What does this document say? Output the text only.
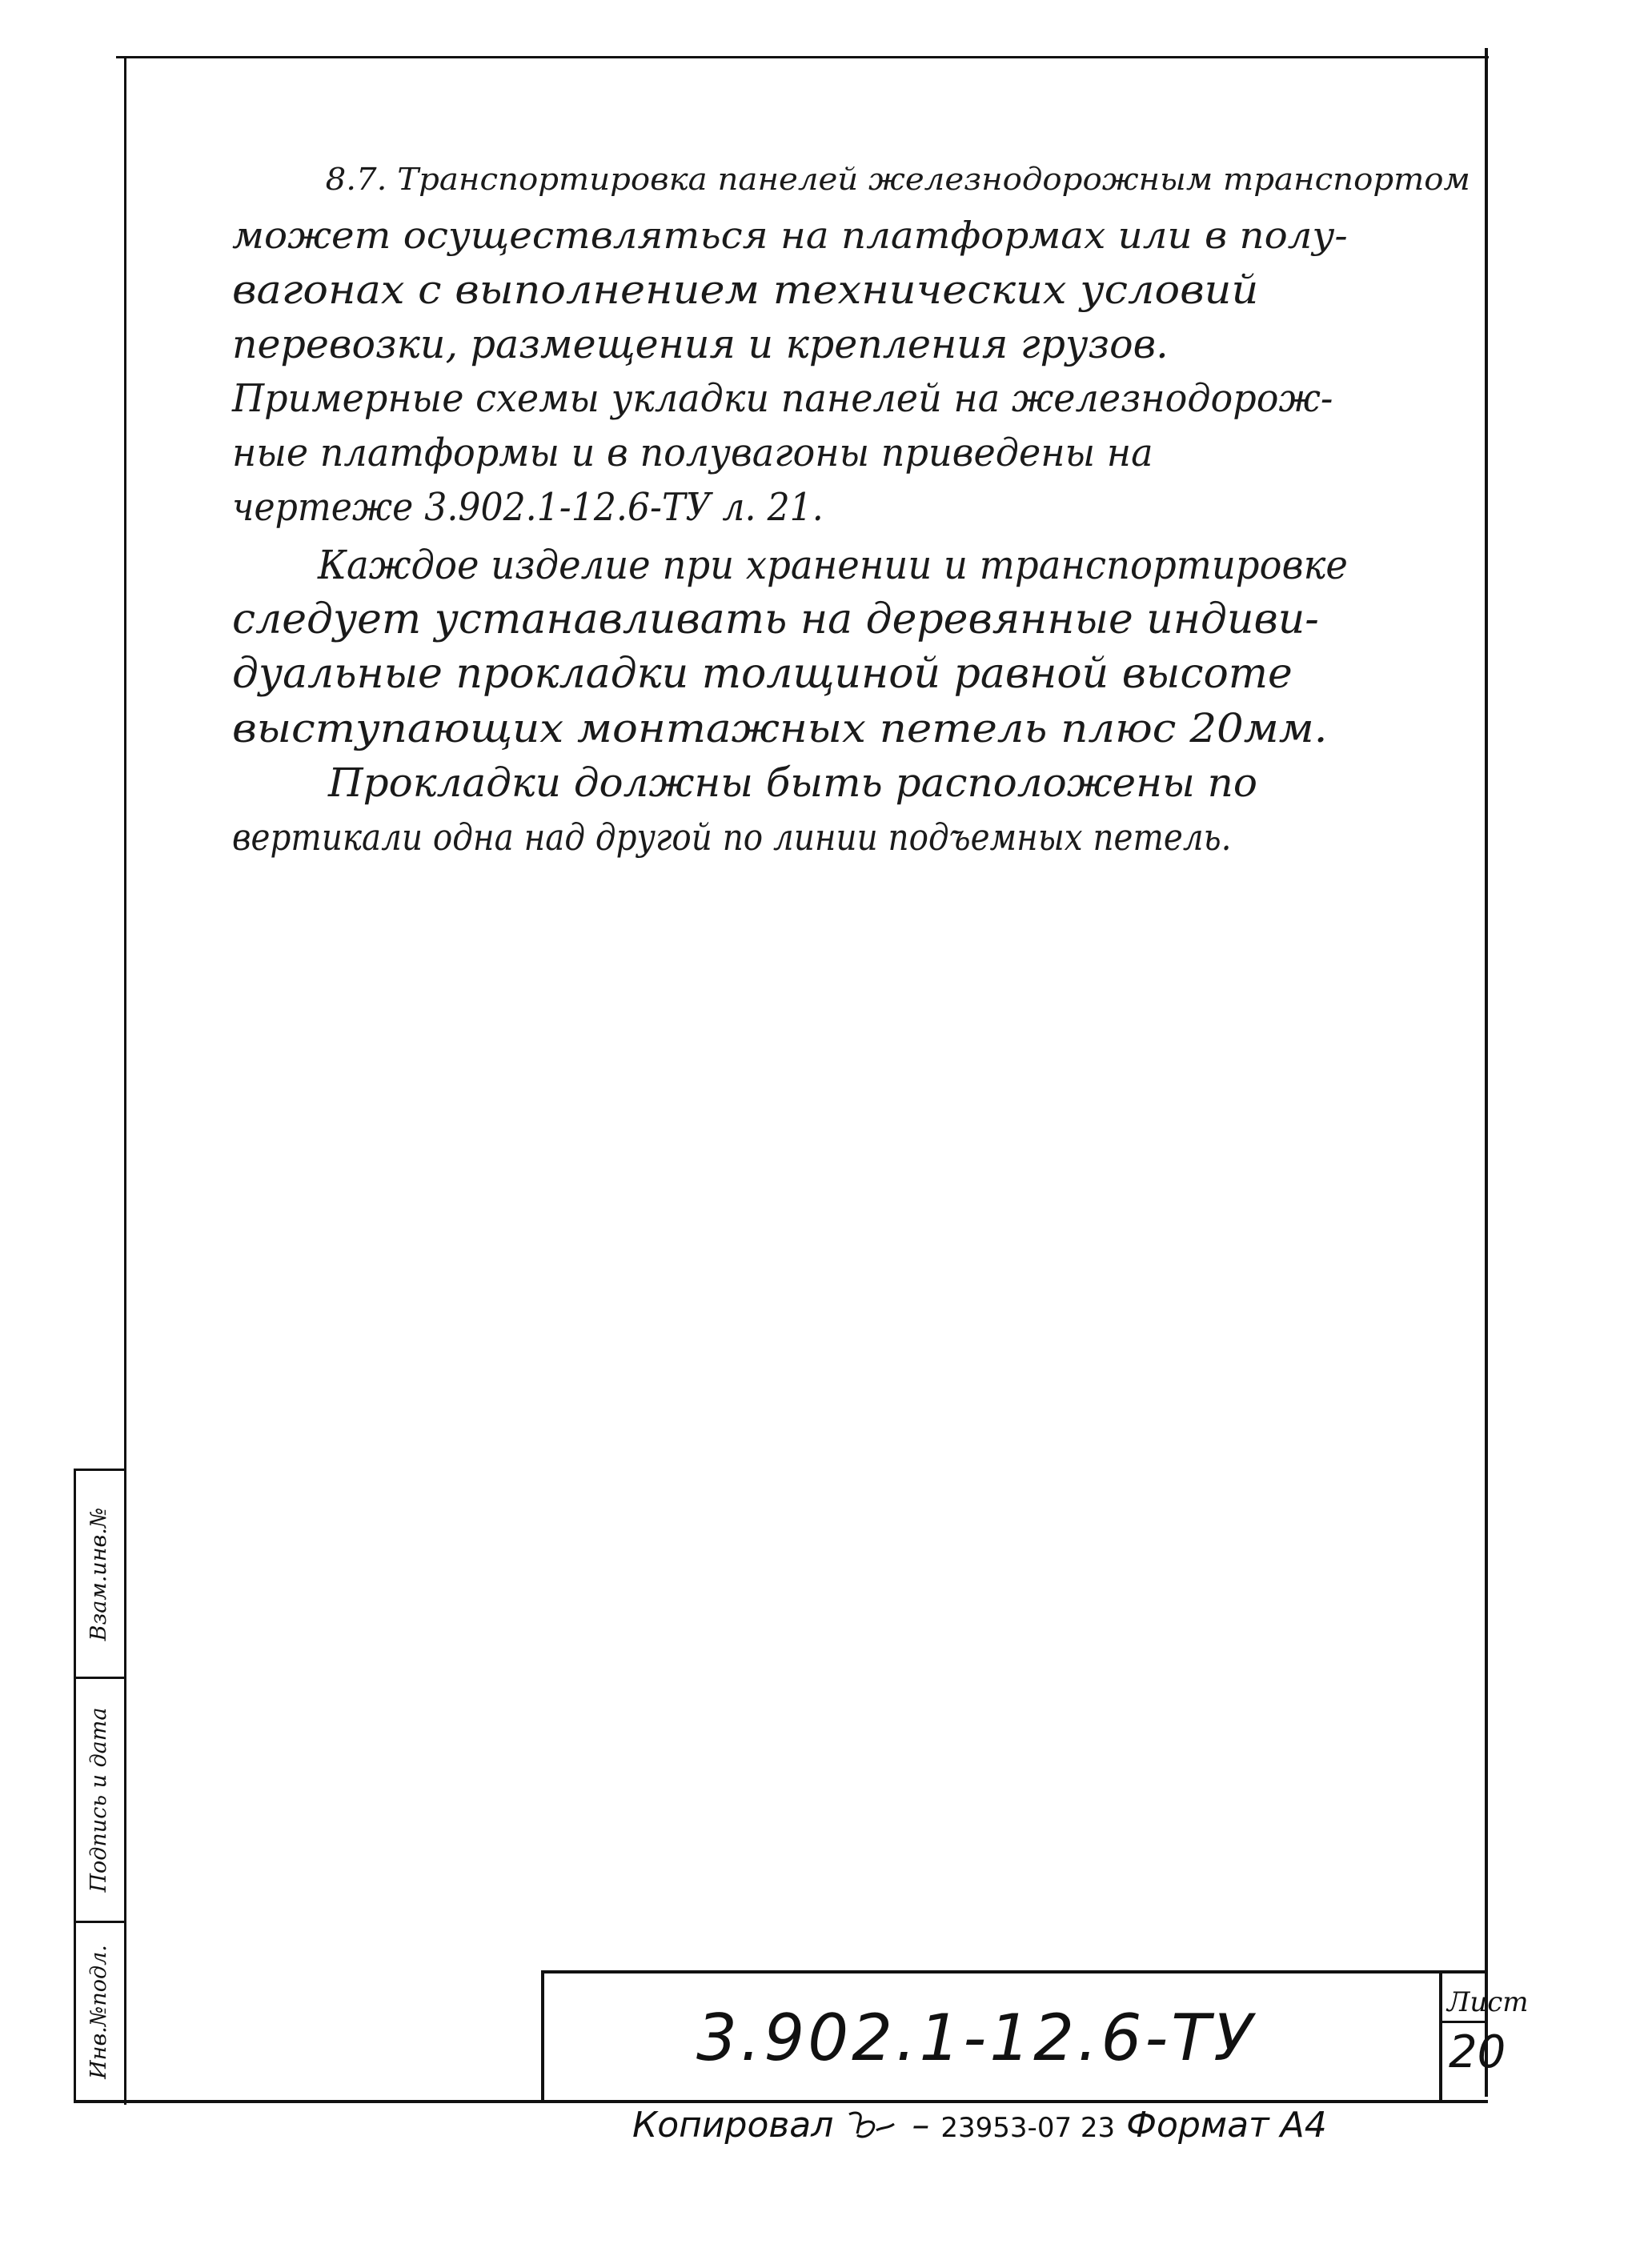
Взам.инв.№
Подпись и дата
Инв.№подл.

8.7. Транспортировка панелей железнодорожным транспортом

может осуществляться на платформах или в полу-

вагонах с выполнением технических условий

перевозки, размещения и крепления грузов.

Примерные схемы укладки панелей на железнодорож-

ные платформы и в полувагоны приведены на

чертеже 3.902.1-12.6-ТУ л. 21.

Каждое изделие при хранении и транспортировке

следует устанавливать на деревянные индиви-

дуальные прокладки толщиной равной высоте

выступающих монтажных петель плюс 20мм.

Прокладки должны быть расположены по

вертикали одна над другой по линии подъемных петель.

3.902.1-12.6-ТУ	Лист
20
Копировал – 23953-07 23 Формат А4
